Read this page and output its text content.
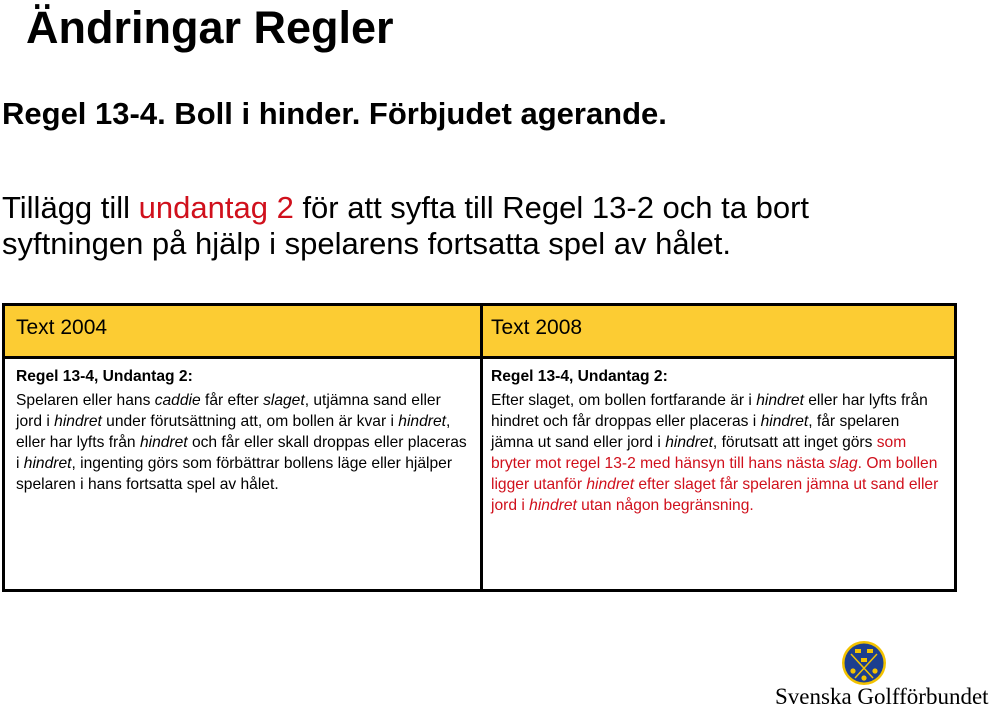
Ändringar Regler
Regel 13-4. Boll i hinder. Förbjudet agerande.

Tillägg till undantag 2 för att syfta till Regel 13-2 och ta bort syftningen på hjälp i spelarens fortsatta spel av hålet.

Text 2004	Text 2008
Regel 13-4, Undantag 2:
Spelaren eller hans caddie får efter slaget, utjämna sand eller jord i hindret under förutsättning att, om bollen är kvar i hindret, eller har lyfts från hindret och får eller skall droppas eller placeras i hindret, ingenting görs som förbättrar bollens läge eller hjälper spelaren i hans fortsatta spel av hålet.
Regel 13-4, Undantag 2:
Efter slaget, om bollen fortfarande är i hindret eller har lyfts från hindret och får droppas eller placeras i hindret, får spelaren jämna ut sand eller jord i hindret, förutsatt att inget görs som bryter mot regel 13-2 med hänsyn till hans nästa slag. Om bollen ligger utanför hindret efter slaget får spelaren jämna ut sand eller jord i hindret utan någon begränsning.
Svenska Golfförbundet
